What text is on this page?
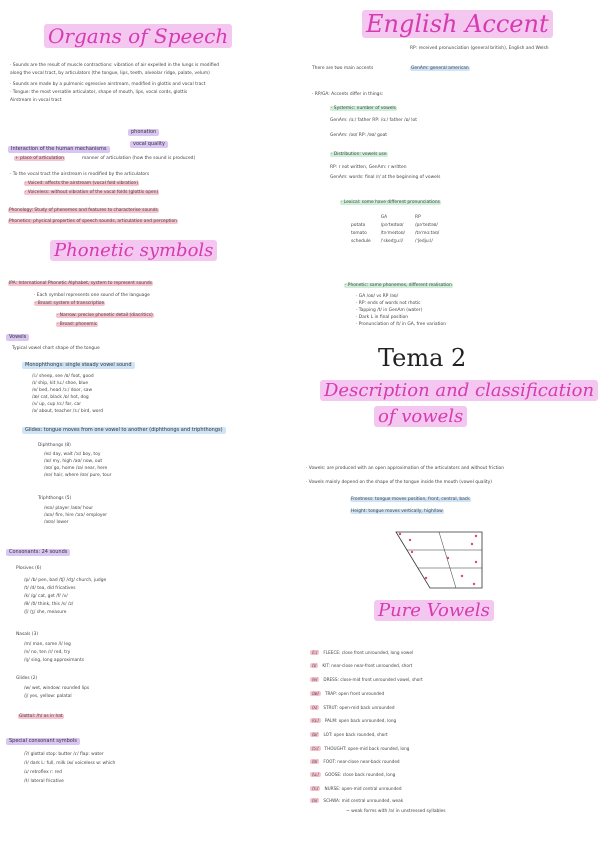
Organs of Speech
· Sounds are the result of muscle contractions: vibration of air expelled in the lungs is modified
along the vocal tract, by articulators (the tongue, lips, teeth, alveolar ridge, palate, velum)
· Sounds are made by a pulmonic egressive airstream, modified in glottis and vocal tract
· Tongue: the most versatile articulator, shape of mouth, lips, vocal cords, glottis
Airstream in vocal tract
phonation
vocal quality
Interaction of the human mechanisms
+ place of articulation	manner of articulation (how the sound is produced)
· To the vocal tract the airstream is modified by the articulators
· Voiced: affects the airstream (vocal fold vibration)
· Voiceless: without vibration of the vocal folds (glottis open)
Phonology: Study of phonemes and features to characterise sounds
Phonetics: physical properties of speech sounds, articulation and perception
Phonetic symbols
IPA: International Phonetic Alphabet, system to represent sounds
· Each symbol represents one sound of the language
· Broad: system of transcription
· Narrow: precise phonetic detail (diacritics)
· Broad: phonemic
Vowels
Typical vowel chart shape of the tongue
Monophthongs: single steady vowel sound
/iː/ sheep, see /ʊ/ foot, good
/ɪ/ ship, kit /uː/ shoe, blue
/e/ bed, head /ɔː/ door, saw
/æ/ cat, black /ɒ/ hot, dog
/ʌ/ up, cup /ɑː/ far, car
/ə/ about, teacher /ɜː/ bird, word
Glides: tongue moves from one vowel to another (diphthongs and triphthongs)
Diphthongs (8)
/eɪ/ day, wait /ɔɪ/ boy, toy
/aɪ/ my, high /aʊ/ now, out
/əʊ/ go, home /ɪə/ near, here
/eə/ hair, where /ʊə/ pure, tour
Triphthongs (5)
/eɪə/ player /aʊə/ hour
/aɪə/ fire, hire /ɔɪə/ employer
/əʊə/ lower
Consonants: 24 sounds
Plosives (6)
/p/ /b/ pen, bad /tʃ/ /dʒ/ church, judge
/t/ /d/ tea, did fricatives
/k/ /g/ cat, get /f/ /v/
/θ/ /ð/ think, this /s/ /z/
/ʃ/ /ʒ/ she, measure
Nasals (3)
/m/ man, some /l/ leg
/n/ no, ten /r/ red, try
/ŋ/ sing, long approximants
Glides (2)
/w/ wet, window: rounded lips
/j/ yes, yellow: palatal
Glottal: /h/ as in hat
Special consonant symbols
/ʔ/ glottal stop: butter /ɾ/ flap: water
/ɫ/ dark L: full, milk /ʍ/ voiceless w: which
/ɹ/ retroflex r: red
/ɬ/ lateral fricative
English Accent
RP: received pronunciation (general british), English and Welsh
There are two main accents	GenAm: general american
· RP/GA: Accents differ in things:
· Systemic: number of vowels
GenAm: /ɑː/ father RP: /ɑː/ father /ɒ/ lot
GenAm: /oʊ/ RP: /əʊ/ goat
· Distribution: vowels use
RP: r not written, GenAm: r written
GenAm: words: final /r/ at the beginning of vowels
· Lexical: some have different pronunciations
	GA	RP
potato	/pəˈteɪtoʊ/	/pəˈteɪtəʊ/
tomato	/təˈmeɪtoʊ/	/təˈmɑːtəʊ/
schedule	/ˈskedʒuːl/	/ˈʃedjuːl/
· Phonetic: same phonemes, different realisation
· GA /oʊ/ vs RP /əʊ/
· RP: ends of words not rhotic
· Tapping /t/ in GenAm (water)
· Dark L in final position
· Pronunciation of /t/ in GA, free variation
Tema 2
Description and classification
of vowels
· Vowels: are produced with an open approximation of the articulators and without friction
· Vowels mainly depend on the shape of the tongue inside the mouth (vowel quality)
Frontness: tongue moves position, front, central, back
Height: tongue moves vertically, high/low
Pure Vowels
/iː/ FLEECE: close front unrounded, long vowel
/ɪ/ KIT: near-close near-front unrounded, short
/e/ DRESS: close-mid front unrounded vowel, short
/æ/ TRAP: open front unrounded
/ʌ/ STRUT: open-mid back unrounded
/ɑː/ PALM: open back unrounded, long
/ɒ/ LOT: open back rounded, short
/ɔː/ THOUGHT: open-mid back rounded, long
/ʊ/ FOOT: near-close near-back rounded
/uː/ GOOSE: close back rounded, long
/ɜː/ NURSE: open-mid central unrounded
/ə/ SCHWA: mid central unrounded, weak
~ weak forms with /ə/ in unstressed syllables
